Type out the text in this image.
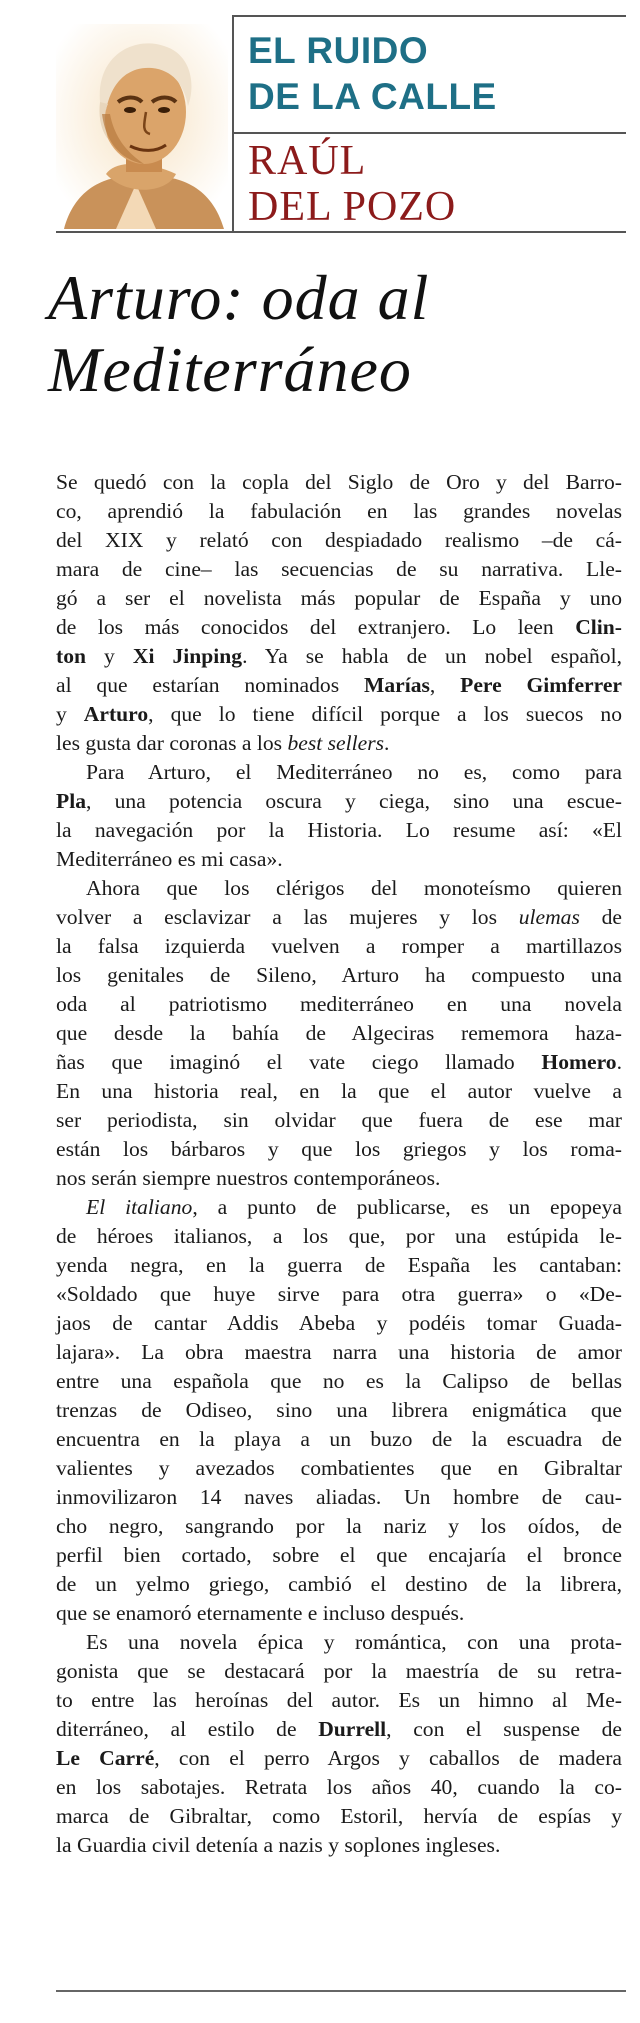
EL RUIDO
DE LA CALLE
RAÚL
DEL POZO
Arturo: oda al
Mediterráneo
Se quedó con la copla del Siglo de Oro y del Barro-
co, aprendió la fabulación en las grandes novelas
del XIX y relató con despiadado realismo –de cá-
mara de cine– las secuencias de su narrativa. Lle-
gó a ser el novelista más popular de España y uno
de los más conocidos del extranjero. Lo leen Clin-
ton y Xi Jinping. Ya se habla de un nobel español,
al que estarían nominados Marías, Pere Gimferrer
y Arturo, que lo tiene difícil porque a los suecos no
les gusta dar coronas a los best sellers.
Para Arturo, el Mediterráneo no es, como para
Pla, una potencia oscura y ciega, sino una escue-
la navegación por la Historia. Lo resume así: «El
Mediterráneo es mi casa».
Ahora que los clérigos del monoteísmo quieren
volver a esclavizar a las mujeres y los ulemas de
la falsa izquierda vuelven a romper a martillazos
los genitales de Sileno, Arturo ha compuesto una
oda al patriotismo mediterráneo en una novela
que desde la bahía de Algeciras rememora haza-
ñas que imaginó el vate ciego llamado Homero.
En una historia real, en la que el autor vuelve a
ser periodista, sin olvidar que fuera de ese mar
están los bárbaros y que los griegos y los roma-
nos serán siempre nuestros contemporáneos.
El italiano, a punto de publicarse, es un epopeya
de héroes italianos, a los que, por una estúpida le-
yenda negra, en la guerra de España les cantaban:
«Soldado que huye sirve para otra guerra» o «De-
jaos de cantar Addis Abeba y podéis tomar Guada-
lajara». La obra maestra narra una historia de amor
entre una española que no es la Calipso de bellas
trenzas de Odiseo, sino una librera enigmática que
encuentra en la playa a un buzo de la escuadra de
valientes y avezados combatientes que en Gibraltar
inmovilizaron 14 naves aliadas. Un hombre de cau-
cho negro, sangrando por la nariz y los oídos, de
perfil bien cortado, sobre el que encajaría el bronce
de un yelmo griego, cambió el destino de la librera,
que se enamoró eternamente e incluso después.
Es una novela épica y romántica, con una prota-
gonista que se destacará por la maestría de su retra-
to entre las heroínas del autor. Es un himno al Me-
diterráneo, al estilo de Durrell, con el suspense de
Le Carré, con el perro Argos y caballos de madera
en los sabotajes. Retrata los años 40, cuando la co-
marca de Gibraltar, como Estoril, hervía de espías y
la Guardia civil detenía a nazis y soplones ingleses.
